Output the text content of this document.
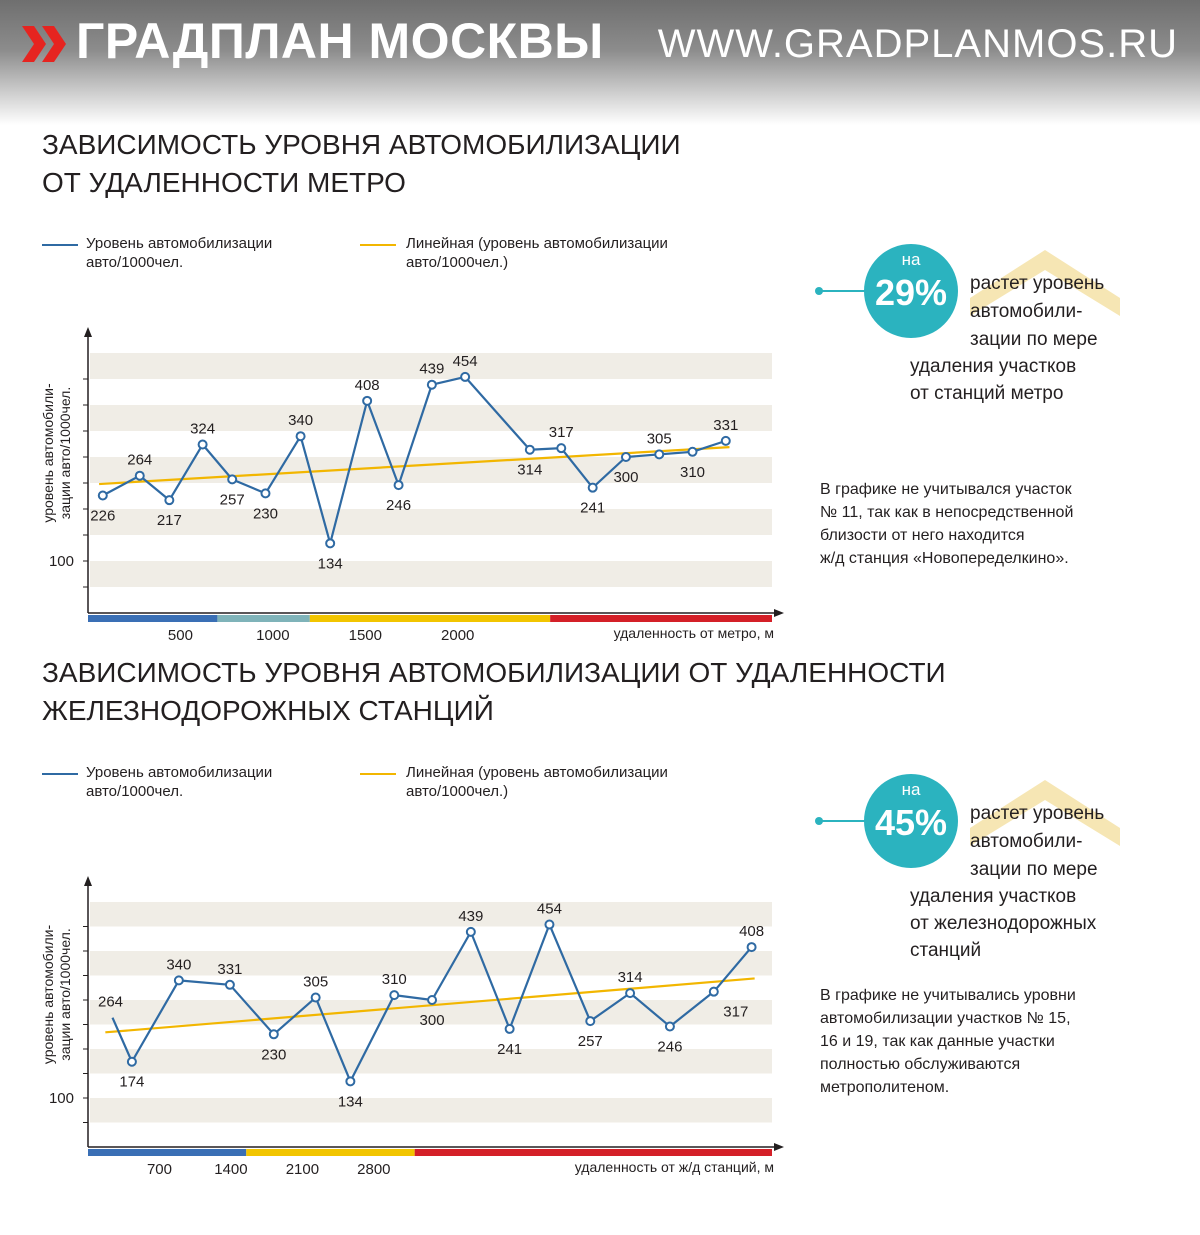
ГРАДПЛАН МОСКВЫ WWW.GRADPLANMOS.RU
ЗАВИСИМОСТЬ УРОВНЯ АВТОМОБИЛИЗАЦИИ
ОТ УДАЛЕННОСТИ МЕТРО
Уровень автомобилизации
авто/1000чел.
Линейная (уровень автомобилизации
авто/1000чел.)
100
500	1000	1500	2000	удаленность от метро, м
уровень автомобили- зации авто/1000чел. 226
264
217
324
257
230
340
134
408
246
439 454
314
317
241
300
305
310
331
на
29%	растет уровень
автомобили-
зации по мере
удаления участков
от станций метро
В графике не учитывался участок
№ 11, так как в непосредственной
близости от него находится
ж/д станция «Новопеределкино».
ЗАВИСИМОСТЬ УРОВНЯ АВТОМОБИЛИЗАЦИИ ОТ УДАЛЕННОСТИ
ЖЕЛЕЗНОДОРОЖНЫХ СТАНЦИЙ
Уровень автомобилизации
авто/1000чел.
Линейная (уровень автомобилизации
авто/1000чел.)
100
700	1400	2100	2800	удаленность от ж/д станций, м
уровень автомобили- зации авто/1000чел. 264
174
340 331
230
305
134
310
300
439
241
454
257
314
246
317
408
на
45%	растет уровень
автомобили-
зации по мере
удаления участков
от железнодорожных
станций
В графике не учитывались уровни
автомобилизации участков № 15,
16 и 19, так как данные участки
полностью обслуживаются
метрополитеном.
